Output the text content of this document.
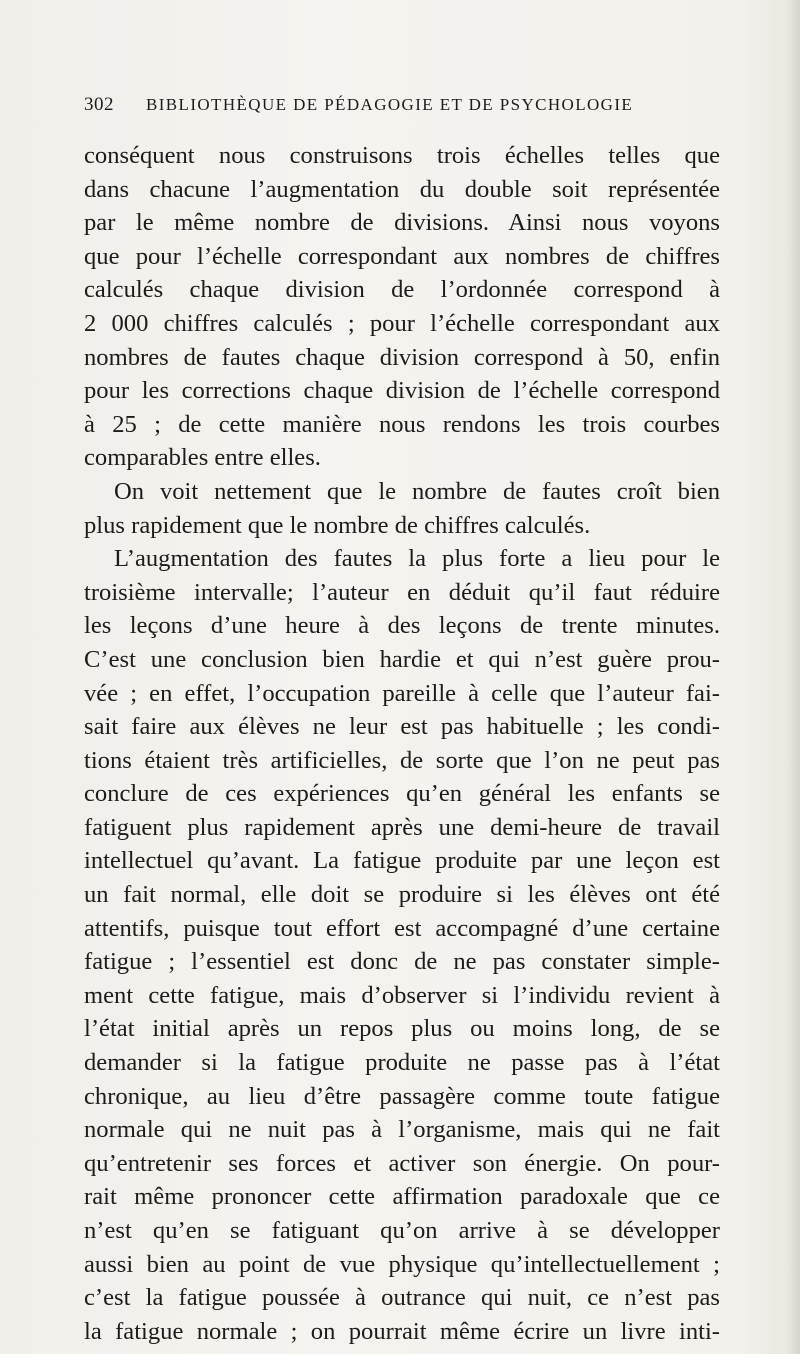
302 BIBLIOTHÈQUE DE PÉDAGOGIE ET DE PSYCHOLOGIE
conséquent nous construisons trois échelles telles que
dans chacune l’augmentation du double soit représentée
par le même nombre de divisions. Ainsi nous voyons
que pour l’échelle correspondant aux nombres de chiffres
calculés chaque division de l’ordonnée correspond à
2 000 chiffres calculés ; pour l’échelle correspondant aux
nombres de fautes chaque division correspond à 50, enfin
pour les corrections chaque division de l’échelle correspond
à 25 ; de cette manière nous rendons les trois courbes
comparables entre elles.
On voit nettement que le nombre de fautes croît bien
plus rapidement que le nombre de chiffres calculés.
L’augmentation des fautes la plus forte a lieu pour le
troisième intervalle; l’auteur en déduit qu’il faut réduire
les leçons d’une heure à des leçons de trente minutes.
C’est une conclusion bien hardie et qui n’est guère prou-
vée ; en effet, l’occupation pareille à celle que l’auteur fai-
sait faire aux élèves ne leur est pas habituelle ; les condi-
tions étaient très artificielles, de sorte que l’on ne peut pas
conclure de ces expériences qu’en général les enfants se
fatiguent plus rapidement après une demi-heure de travail
intellectuel qu’avant. La fatigue produite par une leçon est
un fait normal, elle doit se produire si les élèves ont été
attentifs, puisque tout effort est accompagné d’une certaine
fatigue ; l’essentiel est donc de ne pas constater simple-
ment cette fatigue, mais d’observer si l’individu revient à
l’état initial après un repos plus ou moins long, de se
demander si la fatigue produite ne passe pas à l’état
chronique, au lieu d’être passagère comme toute fatigue
normale qui ne nuit pas à l’organisme, mais qui ne fait
qu’entretenir ses forces et activer son énergie. On pour-
rait même prononcer cette affirmation paradoxale que ce
n’est qu’en se fatiguant qu’on arrive à se développer
aussi bien au point de vue physique qu’intellectuellement ;
c’est la fatigue poussée à outrance qui nuit, ce n’est pas
la fatigue normale ; on pourrait même écrire un livre inti-
